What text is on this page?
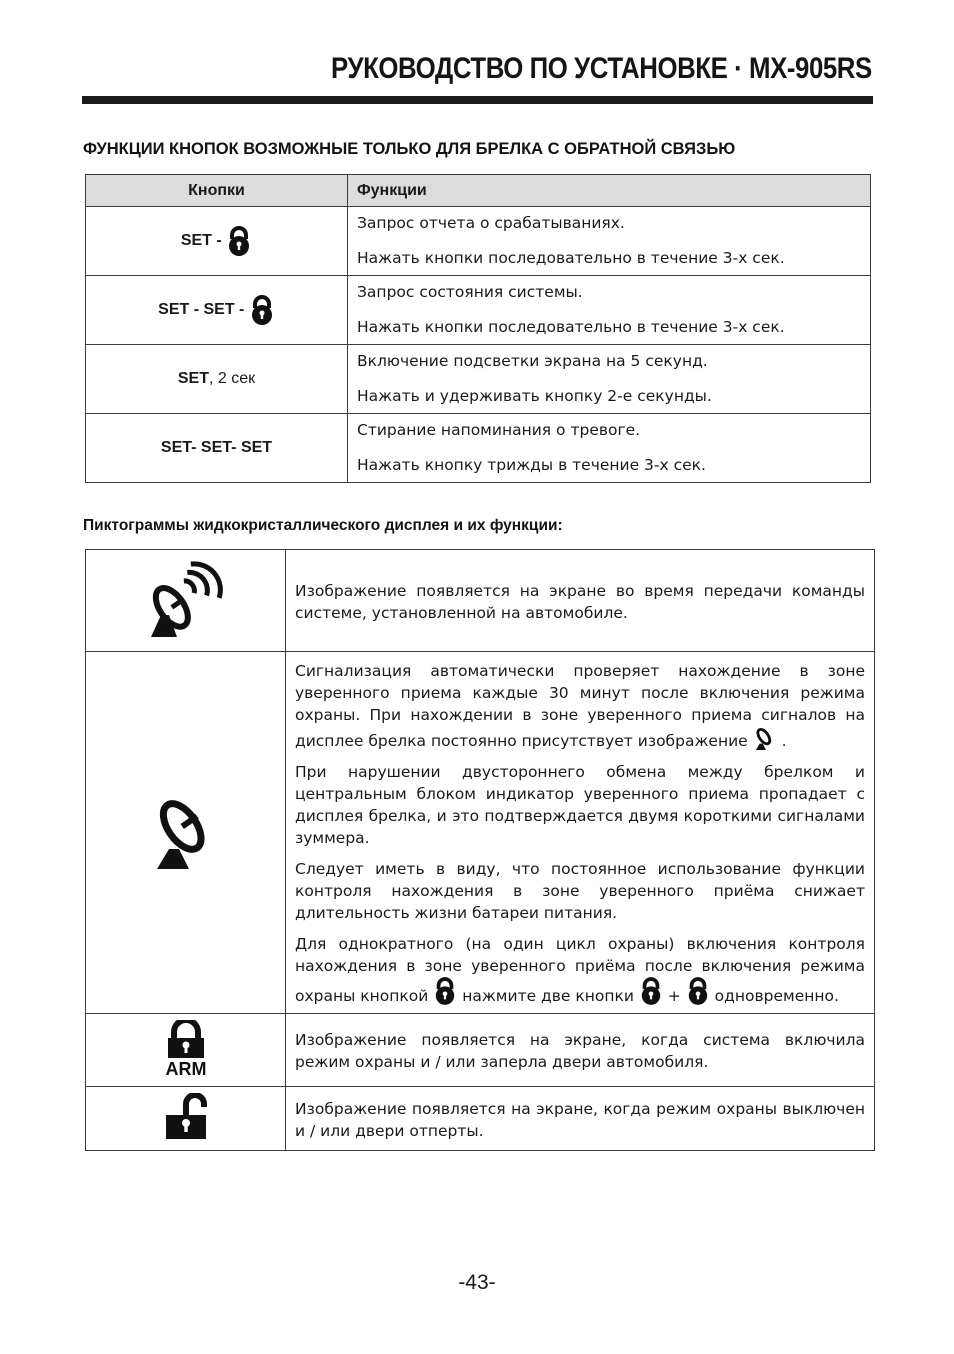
РУКОВОДСТВО ПО УСТАНОВКЕ · MX-905RS
ФУНКЦИИ КНОПОК ВОЗМОЖНЫЕ ТОЛЬКО ДЛЯ БРЕЛКА С ОБРАТНОЙ СВЯЗЬЮ
Кнопки	Функции
SET -	Запрос отчета о срабатываниях.
Нажать кнопки последовательно в течение 3-х сек.

SET - SET -	Запрос состояния системы.
Нажать кнопки последовательно в течение 3-х сек.

SET, 2 сек	Включение подсветки экрана на 5 секунд.
Нажать и удерживать кнопку 2-е секунды.

SET- SET- SET	Стирание напоминания о тревоге.
Нажать кнопку трижды в течение 3-х сек.
Пиктограммы жидкокристаллического дисплея и их функции:

Изображение появляется на экране во время передачи команды системе, установленной на автомобиле.

Сигнализация автоматически проверяет нахождение в зоне уверенного приема каждые 30 минут после включения режима охраны. При нахождении в зоне уверенного приема сигналов на дисплее брелка постоянно присутствует изображение .

При нарушении двустороннего обмена между брелком и центральным блоком индикатор уверенного приема пропадает с дисплея брелка, и это подтверждается двумя короткими сигналами зуммера.

Следует иметь в виду, что постоянное использование функции контроля нахождения в зоне уверенного приёма снижает длительность жизни батареи питания.

Для однократного (на один цикл охраны) включения контроля нахождения в зоне уверенного приёма после включения режима охраны кнопкой нажмите две кнопки + одновременно.

ARM	Изображение появляется на экране, когда система включила режим охраны и / или заперла двери автомобиля.

Изображение появляется на экране, когда режим охраны выключен и / или двери отперты.

-43-
